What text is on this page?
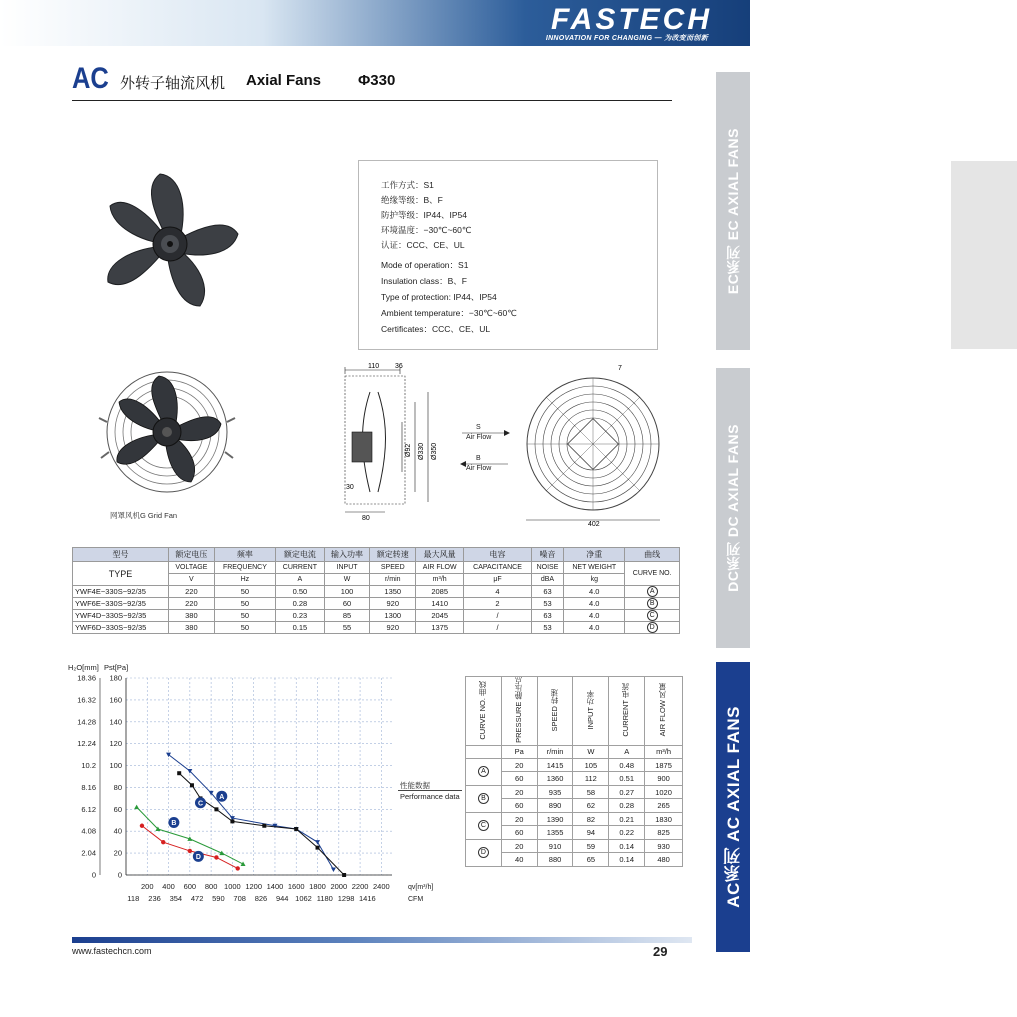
FASTECH
INNOVATION FOR CHANGING — 为改变而创新
AC 外转子轴流风机 Axial Fans Φ330
EC系列 EC AXIAL FANS
DC系列 DC AXIAL FANS
AC系列 AC AXIAL FANS
工作方式：S1
绝缘等级：B、F
防护等级：IP44、IP54
环境温度：−30℃~60℃
认证：CCC、CE、UL
Mode of operation：S1
Insulation class：B、F
Type of protection: IP44、IP54
Ambient temperature：−30℃~60℃
Certificates：CCC、CE、UL
网罩风机G Grid Fan
110 36
30
80
Ø92 Ø330 Ø350
S
Air Flow
B
Air Flow
7
402
型号	额定电压	频率	额定电流	输入功率	额定转速	最大风量	电容	噪音	净重	曲线
TYPE	VOLTAGE	FREQUENCY	CURRENT	INPUT	SPEED	AIR FLOW	CAPACITANCE	NOISE	NET WEIGHT	CURVE NO.
	V	Hz	A	W	r/min	m³/h	μF	dBA	kg	
YWF4E−330S−92/35	220	50	0.50	100	1350	2085	4	63	4.0	A
YWF6E−330S−92/35	220	50	0.28	60	920	1410	2	53	4.0	B
YWF4D−330S−92/35	380	50	0.23	85	1300	2045	/	63	4.0	C
YWF6D−330S−92/35	380	50	0.15	55	920	1375	/	53	4.0	D
0
0
20
2.04
40
4.08
60
6.12
80
8.16
100
10.2
120
12.24
140
14.28
160
16.32
180
18.36
200
118
400
236
600
354
800
472
1000
590
1200
708
1400
826
1600
944
1800
1062
2000
1180
2200
1298
2400
1416
H₂O[mm] Pst[Pa]
qv[m³/h]
CFM
A
B
C
D
性能数据
Performance data
CURVE NO. 曲线	PRESSURE 静压点	SPEED 转速	INPUT 功率	CURRENT 电流	AIR FLOW 风量
	Pa	r/min	W	A	m³/h
A	20	1415	105	0.48	1875
	60	1360	112	0.51	900
B	20	935	58	0.27	1020
	60	890	62	0.28	265
C	20	1390	82	0.21	1830
	60	1355	94	0.22	825
D	20	910	59	0.14	930
	40	880	65	0.14	480
www.fastechcn.com	29
